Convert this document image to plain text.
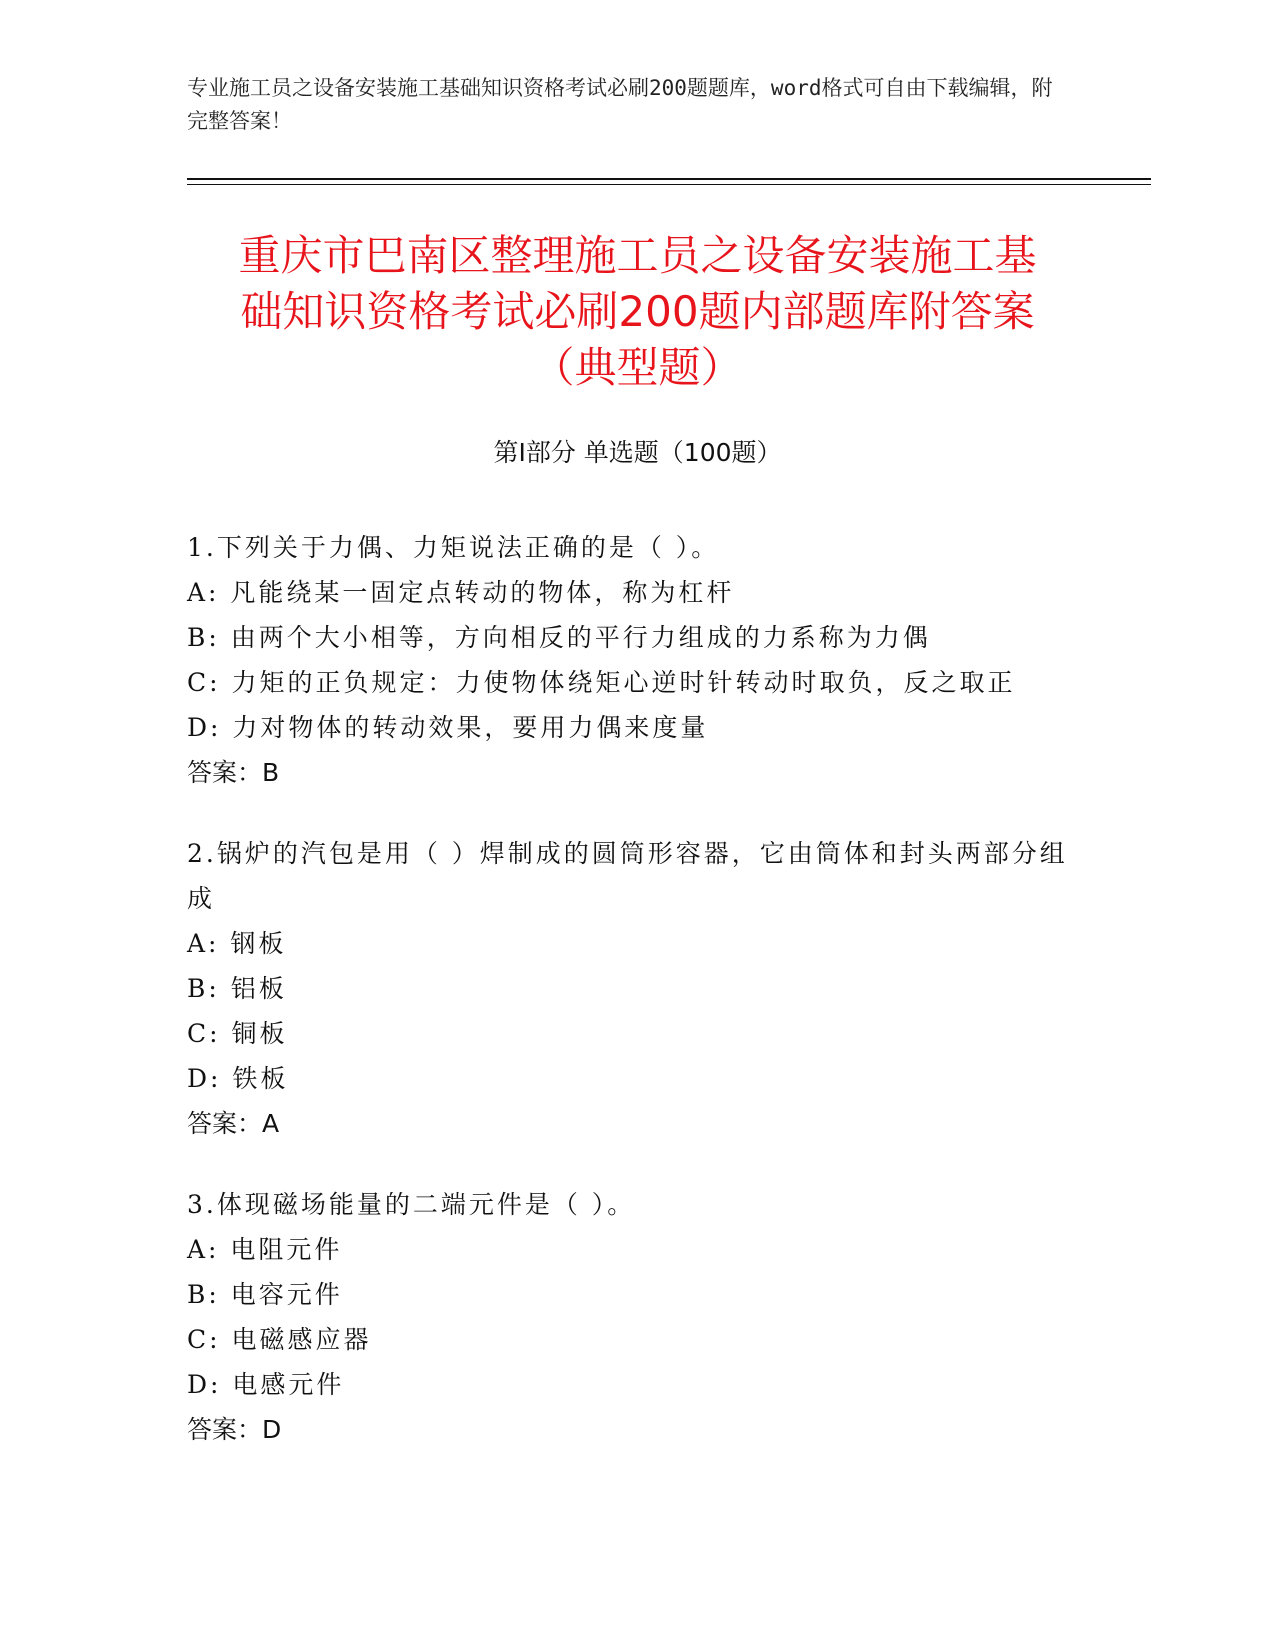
专业施工员之设备安装施工基础知识资格考试必刷200题题库，word格式可自由下载编辑，附完整答案！
重庆市巴南区整理施工员之设备安装施工基
础知识资格考试必刷200题内部题库附答案
（典型题）
第Ⅰ部分 单选题（100题）
1.下列关于力偶、力矩说法正确的是（ ）。
A: 凡能绕某一固定点转动的物体，称为杠杆
B: 由两个大小相等，方向相反的平行力组成的力系称为力偶
C: 力矩的正负规定：力使物体绕矩心逆时针转动时取负，反之取正
D: 力对物体的转动效果，要用力偶来度量
答案：B
2.锅炉的汽包是用（ ）焊制成的圆筒形容器，它由筒体和封头两部分组成
A: 钢板
B: 铝板
C: 铜板
D: 铁板
答案：A
3.体现磁场能量的二端元件是（ ）。
A: 电阻元件
B: 电容元件
C: 电磁感应器
D: 电感元件
答案：D
